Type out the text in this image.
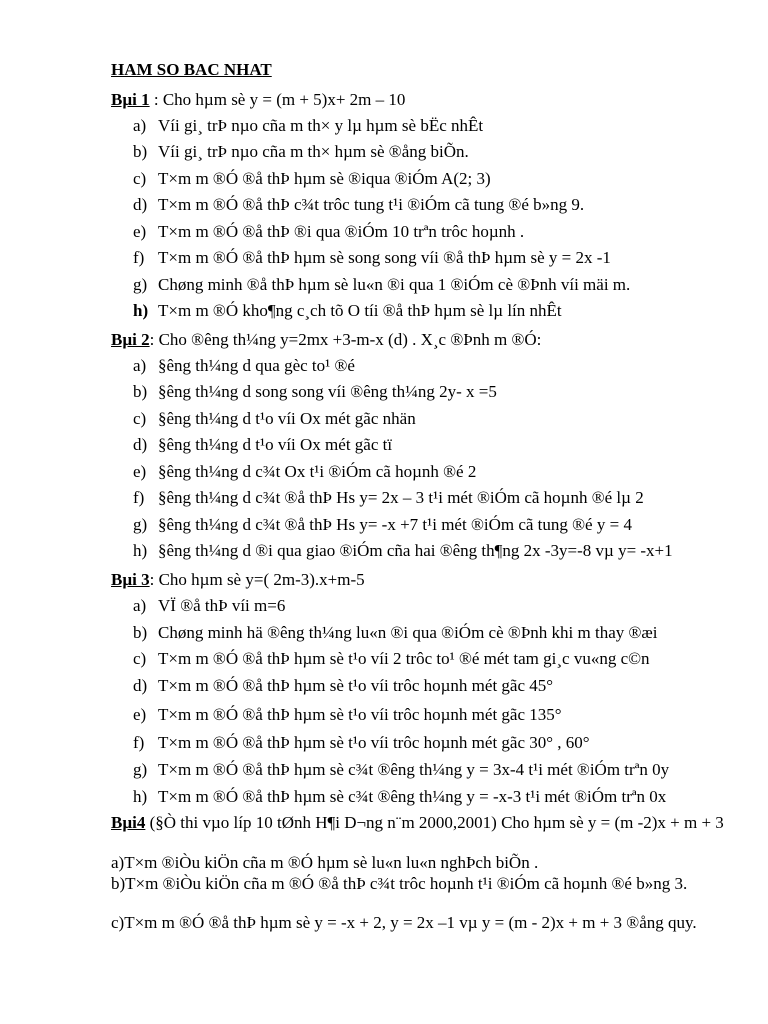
HAM SO BAC NHAT
Bµi 1 : Cho hµm sè y = (m + 5)x+ 2m – 10
a) Víi gi¸ trÞ nµo cña m th× y lµ hµm sè bËc nhÊt
b) Víi gi¸ trÞ nµo cña m th× hµm sè ®ång biÕn.
c) T×m m ®Ó ®å thÞ hµm sè ®iqua ®iÓm A(2; 3)
d) T×m m ®Ó ®å thÞ c¾t trôc tung t¹i ®iÓm cã tung ®é b»ng 9.
e) T×m m ®Ó ®å thÞ ®i qua ®iÓm 10 trªn trôc hoµnh .
f) T×m m ®Ó ®å thÞ hµm sè song song víi ®å thÞ hµm sè y = 2x -1
g) Chøng minh ®å thÞ hµm sè lu«n ®i qua 1 ®iÓm cè ®Þnh víi mäi m.
h) T×m m ®Ó kho¶ng c¸ch tõ O tíi ®å thÞ hµm sè lµ lín nhÊt
Bµi 2: Cho ®êng th¼ng y=2mx +3-m-x (d) . X¸c ®Þnh m ®Ó:
a) §êng th¼ng d qua gèc to¹ ®é
b) §êng th¼ng d song song víi ®êng th¼ng 2y- x =5
c) §êng th¼ng d t¹o víi Ox mét gãc nhän
d) §êng th¼ng d t¹o víi Ox mét gãc tï
e) §êng th¼ng d c¾t Ox t¹i ®iÓm cã hoµnh ®é 2
f) §êng th¼ng d c¾t ®å thÞ Hs y= 2x – 3 t¹i mét ®iÓm cã hoµnh ®é lµ 2
g) §êng th¼ng d c¾t ®å thÞ Hs y= -x +7 t¹i mét ®iÓm cã tung ®é y = 4
h) §êng th¼ng d ®i qua giao ®iÓm cña hai ®êng th¶ng 2x -3y=-8 vµ y= -x+1
Bµi 3: Cho hµm sè y=( 2m-3).x+m-5
a) VÏ ®å thÞ víi m=6
b) Chøng minh hä ®êng th¼ng lu«n ®i qua ®iÓm cè ®Þnh khi m thay ®æi
c) T×m m ®Ó ®å thÞ hµm sè t¹o víi 2 trôc to¹ ®é mét tam gi¸c vu«ng c©n
d) T×m m ®Ó ®å thÞ hµm sè t¹o víi trôc hoµnh mét gãc 45°
e) T×m m ®Ó ®å thÞ hµm sè t¹o víi trôc hoµnh mét gãc 135°
f) T×m m ®Ó ®å thÞ hµm sè t¹o víi trôc hoµnh mét gãc 30° , 60°
g) T×m m ®Ó ®å thÞ hµm sè c¾t ®êng th¼ng y = 3x-4 t¹i mét ®iÓm trªn 0y
h) T×m m ®Ó ®å thÞ hµm sè c¾t ®êng th¼ng y = -x-3 t¹i mét ®iÓm trªn 0x
Bµi4 (§Ò thi vµo líp 10 tØnh H¶i D¬ng n¨m 2000,2001) Cho hµm sè y = (m -2)x + m + 3
a)T×m ®iÒu kiÖn cña m ®Ó hµm sè lu«n lu«n nghÞch biÕn .
b)T×m ®iÒu kiÖn cña m ®Ó ®å thÞ c¾t trôc hoµnh t¹i ®iÓm cã hoµnh ®é b»ng 3.
c)T×m m ®Ó ®å thÞ hµm sè y = -x + 2, y = 2x –1 vµ y = (m - 2)x + m + 3 ®ång quy.
